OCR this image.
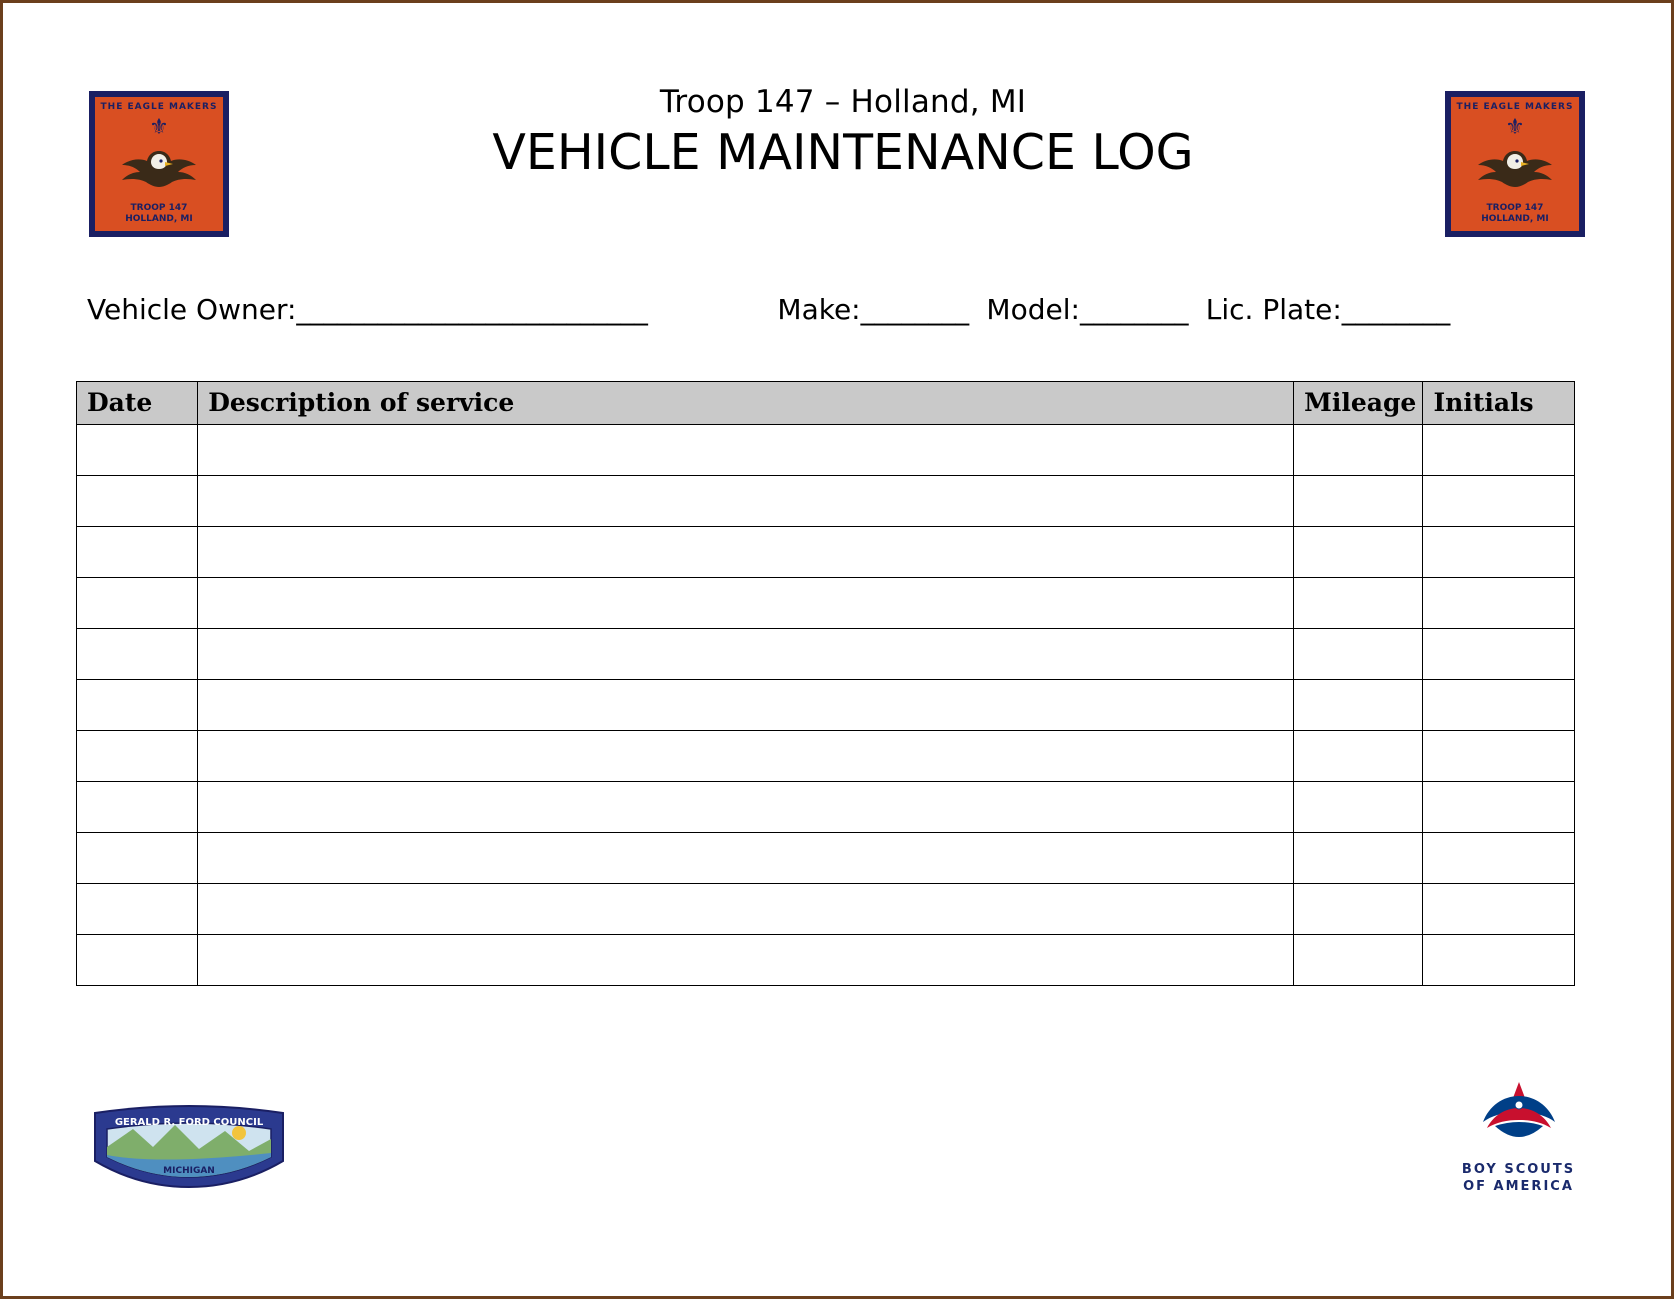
THE EAGLE MAKERS
⚜
TROOP 147
HOLLAND, MI
Troop 147 – Holland, MI
VEHICLE MAINTENANCE LOG
THE EAGLE MAKERS
⚜
TROOP 147
HOLLAND, MI
Vehicle Owner:__________________________	Make:________ Model:________ Lic. Plate:________
Date	Description of service	Mileage	Initials

GERALD R. FORD COUNCIL
MICHIGAN	BOY SCOUTS
OF AMERICA
